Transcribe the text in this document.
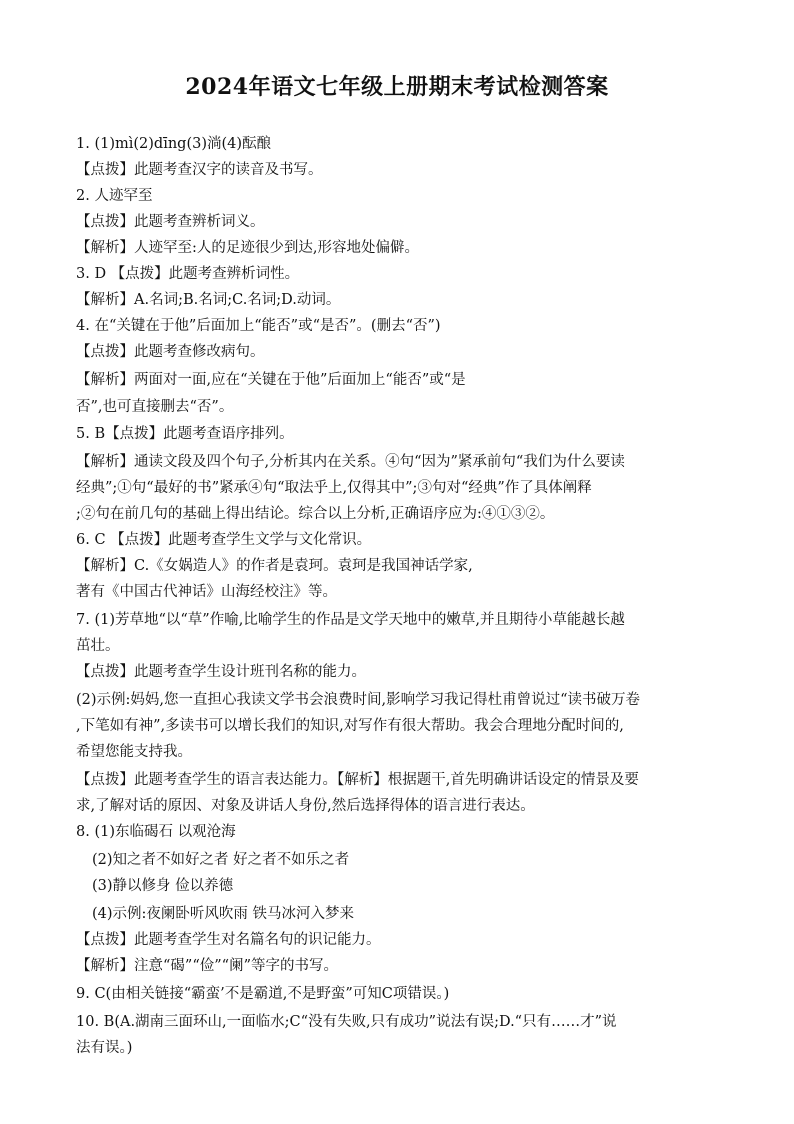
2024年语文七年级上册期末考试检测答案
1. (1)mì(2)dīng(3)淌(4)酝酿
【点拨】此题考查汉字的读音及书写。
2. 人迹罕至
【点拨】此题考查辨析词义。
【解析】人迹罕至:人的足迹很少到达,形容地处偏僻。
3. D 【点拨】此题考查辨析词性。
【解析】A.名词;B.名词;C.名词;D.动词。
4. 在“关键在于他”后面加上“能否”或“是否”。(删去“否”)
【点拨】此题考查修改病句。
【解析】两面对一面,应在“关键在于他”后面加上“能否”或“是
否”,也可直接删去“否”。
5. B【点拨】此题考查语序排列。
【解析】通读文段及四个句子,分析其内在关系。④句“因为”紧承前句“我们为什么要读
经典”;①句“最好的书”紧承④句“取法乎上,仅得其中”;③句对“经典”作了具体阐释
;②句在前几句的基础上得出结论。综合以上分析,正确语序应为:④①③②。
6. C 【点拨】此题考查学生文学与文化常识。
【解析】C.《女娲造人》的作者是袁珂。袁珂是我国神话学家,
著有《中国古代神话》山海经校注》等。
7. (1)芳草地“以“草”作喻,比喻学生的作品是文学天地中的嫩草,并且期待小草能越长越
茁壮。
【点拨】此题考查学生设计班刊名称的能力。
(2)示例:妈妈,您一直担心我读文学书会浪费时间,影响学习我记得杜甫曾说过“读书破万卷
,下笔如有神”,多读书可以增长我们的知识,对写作有很大帮助。我会合理地分配时间的,
希望您能支持我。
【点拨】此题考查学生的语言表达能力。【解析】根据题干,首先明确讲话设定的情景及要
求,了解对话的原因、对象及讲话人身份,然后选择得体的语言进行表达。
8. (1)东临碣石 以观沧海
(2)知之者不如好之者 好之者不如乐之者
(3)静以修身 俭以养德
(4)示例:夜阑卧听风吹雨 铁马冰河入梦来
【点拨】此题考查学生对名篇名句的识记能力。
【解析】注意“碣”“俭”“阑”等字的书写。
9. C(由相关链接“霸蛮’不是霸道,不是野蛮”可知C项错误。)
10. B(A.湖南三面环山,一面临水;C“没有失败,只有成功”说法有误;D.“只有……才”说
法有误。)
